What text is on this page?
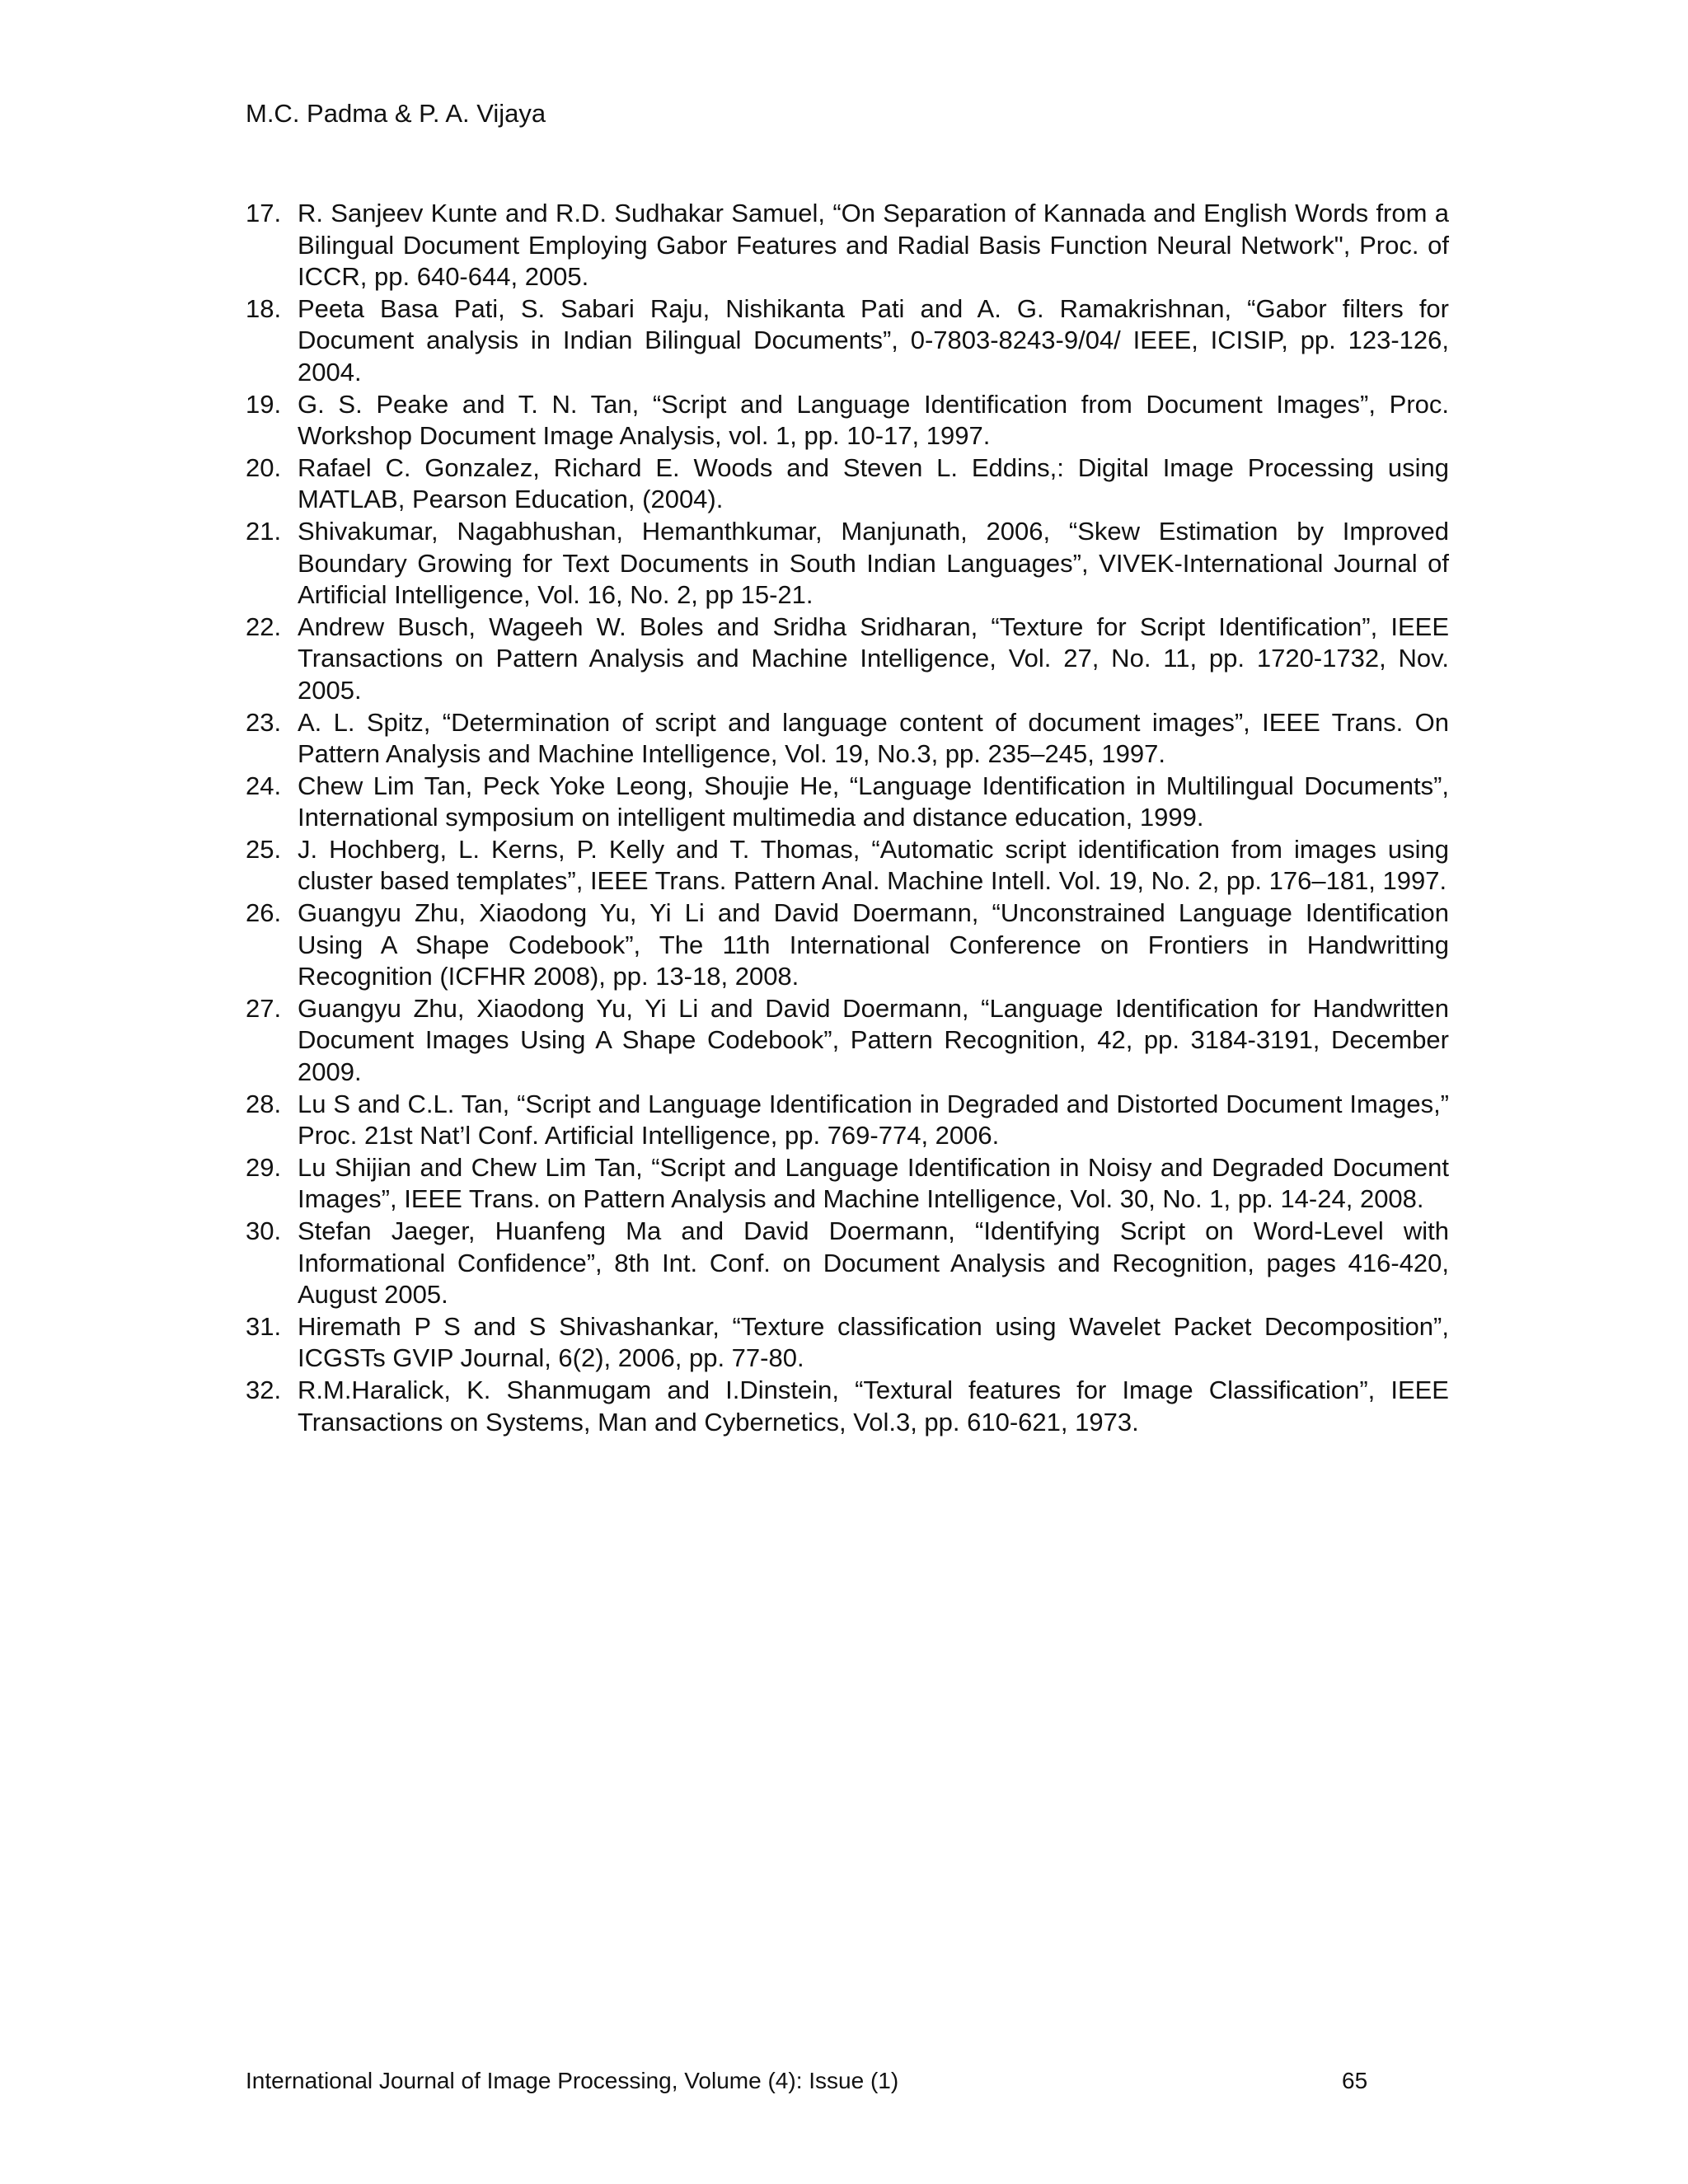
M.C. Padma & P. A. Vijaya
17. R. Sanjeev Kunte and R.D. Sudhakar Samuel, “On Separation of Kannada and English Words from a Bilingual Document Employing Gabor Features and Radial Basis Function Neural Network", Proc. of ICCR, pp. 640-644, 2005.
18. Peeta Basa Pati, S. Sabari Raju, Nishikanta Pati and A. G. Ramakrishnan, “Gabor filters for Document analysis in Indian Bilingual Documents”, 0-7803-8243-9/04/ IEEE, ICISIP, pp. 123-126, 2004.
19. G. S. Peake and T. N. Tan, “Script and Language Identification from Document Images”, Proc. Workshop Document Image Analysis, vol. 1, pp. 10-17, 1997.
20. Rafael C. Gonzalez, Richard E. Woods and Steven L. Eddins,: Digital Image Processing using MATLAB, Pearson Education, (2004).
21. Shivakumar, Nagabhushan, Hemanthkumar, Manjunath, 2006, “Skew Estimation by Improved Boundary Growing for Text Documents in South Indian Languages”, VIVEK-International Journal of Artificial Intelligence, Vol. 16, No. 2, pp 15-21.
22. Andrew Busch, Wageeh W. Boles and Sridha Sridharan, “Texture for Script Identification”, IEEE Transactions on Pattern Analysis and Machine Intelligence, Vol. 27, No. 11, pp. 1720-1732, Nov. 2005.
23. A. L. Spitz, “Determination of script and language content of document images”, IEEE Trans. On Pattern Analysis and Machine Intelligence, Vol. 19, No.3, pp. 235–245, 1997.
24. Chew Lim Tan, Peck Yoke Leong, Shoujie He, “Language Identification in Multilingual Documents”, International symposium on intelligent multimedia and distance education, 1999.
25. J. Hochberg, L. Kerns, P. Kelly and T. Thomas, “Automatic script identification from images using cluster based templates”, IEEE Trans. Pattern Anal. Machine Intell. Vol. 19, No. 2, pp. 176–181, 1997.
26. Guangyu Zhu, Xiaodong Yu, Yi Li and David Doermann, “Unconstrained Language Identification Using A Shape Codebook”, The 11th International Conference on Frontiers in Handwritting Recognition (ICFHR 2008), pp. 13-18, 2008.
27. Guangyu Zhu, Xiaodong Yu, Yi Li and David Doermann, “Language Identification for Handwritten Document Images Using A Shape Codebook”, Pattern Recognition, 42, pp. 3184-3191, December 2009.
28. Lu S and C.L. Tan, “Script and Language Identification in Degraded and Distorted Document Images,” Proc. 21st Nat’l Conf. Artificial Intelligence, pp. 769-774, 2006.
29. Lu Shijian and Chew Lim Tan, “Script and Language Identification in Noisy and Degraded Document Images”, IEEE Trans. on Pattern Analysis and Machine Intelligence, Vol. 30, No. 1, pp. 14-24, 2008.
30. Stefan Jaeger, Huanfeng Ma and David Doermann, “Identifying Script on Word-Level with Informational Confidence”, 8th Int. Conf. on Document Analysis and Recognition, pages 416-420, August 2005.
31. Hiremath P S and S Shivashankar, “Texture classification using Wavelet Packet Decomposition”, ICGSTs GVIP Journal, 6(2), 2006, pp. 77-80.
32. R.M.Haralick, K. Shanmugam and I.Dinstein, “Textural features for Image Classification”, IEEE Transactions on Systems, Man and Cybernetics, Vol.3, pp. 610-621, 1973.
International Journal of Image Processing, Volume (4): Issue (1)	65
